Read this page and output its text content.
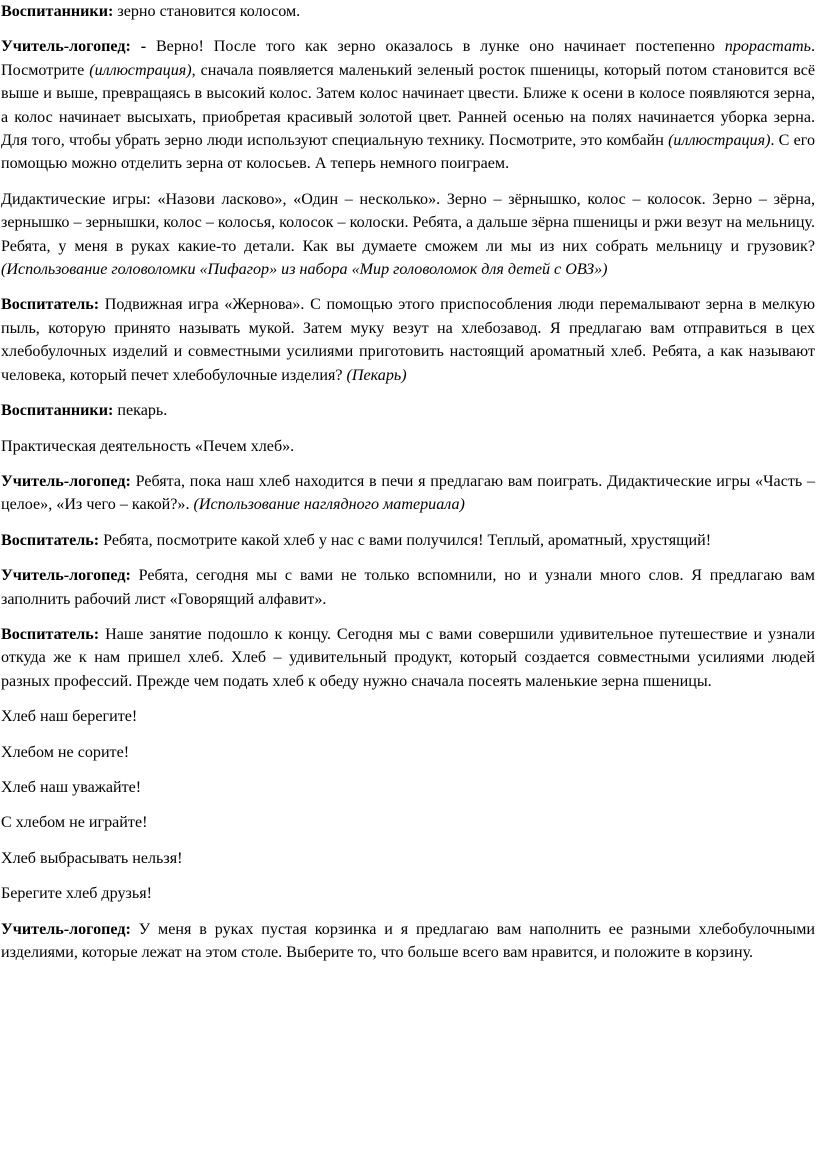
Воспитанники: зерно становится колосом.

Учитель-логопед: - Верно! После того как зерно оказалось в лунке оно начинает постепенно прорастать. Посмотрите (иллюстрация), сначала появляется маленький зеленый росток пшеницы, который потом становится всё выше и выше, превращаясь в высокий колос. Затем колос начинает цвести. Ближе к осени в колосе появляются зерна, а колос начинает высыхать, приобретая красивый золотой цвет. Ранней осенью на полях начинается уборка зерна. Для того, чтобы убрать зерно люди используют специальную технику. Посмотрите, это комбайн (иллюстрация). С его помощью можно отделить зерна от колосьев. А теперь немного поиграем.

Дидактические игры: «Назови ласково», «Один – несколько». Зерно – зёрнышко, колос – колосок. Зерно – зёрна, зернышко – зернышки, колос – колосья, колосок – колоски. Ребята, а дальше зёрна пшеницы и ржи везут на мельницу. Ребята, у меня в руках какие-то детали. Как вы думаете сможем ли мы из них собрать мельницу и грузовик? (Использование головоломки «Пифагор» из набора «Мир головоломок для детей с ОВЗ»)

Воспитатель: Подвижная игра «Жернова». С помощью этого приспособления люди перемалывают зерна в мелкую пыль, которую принято называть мукой. Затем муку везут на хлебозавод. Я предлагаю вам отправиться в цех хлебобулочных изделий и совместными усилиями приготовить настоящий ароматный хлеб. Ребята, а как называют человека, который печет хлебобулочные изделия? (Пекарь)

Воспитанники: пекарь.

Практическая деятельность «Печем хлеб».

Учитель-логопед: Ребята, пока наш хлеб находится в печи я предлагаю вам поиграть. Дидактические игры «Часть – целое», «Из чего – какой?». (Использование наглядного материала)

Воспитатель: Ребята, посмотрите какой хлеб у нас с вами получился! Теплый, ароматный, хрустящий!

Учитель-логопед: Ребята, сегодня мы с вами не только вспомнили, но и узнали много слов. Я предлагаю вам заполнить рабочий лист «Говорящий алфавит».

Воспитатель: Наше занятие подошло к концу. Сегодня мы с вами совершили удивительное путешествие и узнали откуда же к нам пришел хлеб. Хлеб – удивительный продукт, который создается совместными усилиями людей разных профессий. Прежде чем подать хлеб к обеду нужно сначала посеять маленькие зерна пшеницы.

Хлеб наш берегите!

Хлебом не сорите!

Хлеб наш уважайте!

С хлебом не играйте!

Хлеб выбрасывать нельзя!

Берегите хлеб друзья!

Учитель-логопед: У меня в руках пустая корзинка и я предлагаю вам наполнить ее разными хлебобулочными изделиями, которые лежат на этом столе. Выберите то, что больше всего вам нравится, и положите в корзину.
